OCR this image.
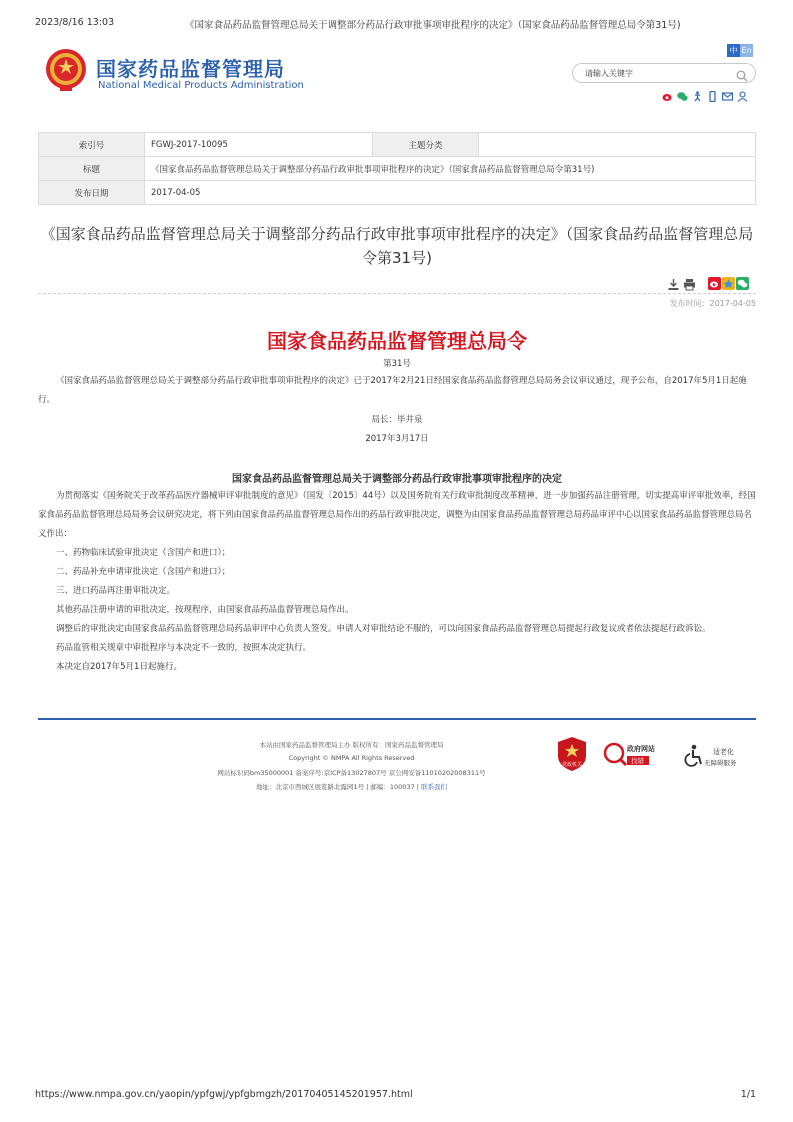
2023/8/16 13:03	《国家食品药品监督管理总局关于调整部分药品行政审批事项审批程序的决定》（国家食品药品监督管理总局令第31号)
国家药品监督管理局
National Medical Products Administration
中 En
请输入关键字
索引号	FGWJ-2017-10095	主题分类	
标题	《国家食品药品监督管理总局关于调整部分药品行政审批事项审批程序的决定》（国家食品药品监督管理总局令第31号)		
发布日期	2017-04-05		
《国家食品药品监督管理总局关于调整部分药品行政审批事项审批程序的决定》（国家食品药品监督管理总局令第31号)
发布时间：2017-04-05
国家食品药品监督管理总局令
第31号

《国家食品药品监督管理总局关于调整部分药品行政审批事项审批程序的决定》已于2017年2月21日经国家食品药品监督管理总局局务会议审议通过，现予公布，自2017年5月1日起施行。

局长：毕井泉
2017年3月17日
国家食品药品监督管理总局关于调整部分药品行政审批事项审批程序的决定

为贯彻落实《国务院关于改革药品医疗器械审评审批制度的意见》（国发〔2015〕44号）以及国务院有关行政审批制度改革精神，进一步加强药品注册管理，切实提高审评审批效率，经国家食品药品监督管理总局局务会议研究决定，将下列由国家食品药品监督管理总局作出的药品行政审批决定，调整为由国家食品药品监督管理总局药品审评中心以国家食品药品监督管理总局名义作出：

一、药物临床试验审批决定（含国产和进口）；

二、药品补充申请审批决定（含国产和进口）；

三、进口药品再注册审批决定。

其他药品注册申请的审批决定，按现程序，由国家食品药品监督管理总局作出。

调整后的审批决定由国家食品药品监督管理总局药品审评中心负责人签发。申请人对审批结论不服的，可以向国家食品药品监督管理总局提起行政复议或者依法提起行政诉讼。

药品监管相关规章中审批程序与本决定不一致的，按照本决定执行。

本决定自2017年5月1日起施行。

本站由国家药品监督管理局主办 版权所有：国家药品监督管理局
Copyright © NMPA All Rights Reserved
网站标识码bm35000001 备案序号:京ICP备13027807号 京公网安备11010202008311号
地址：北京市西城区展览路北露园1号 | 邮编：100037 | 联系我们
党政机关
政府网站
找错
适老化
无障碍服务
https://www.nmpa.gov.cn/yaopin/ypfgwj/ypfgbmgzh/20170405145201957.html	1/1
